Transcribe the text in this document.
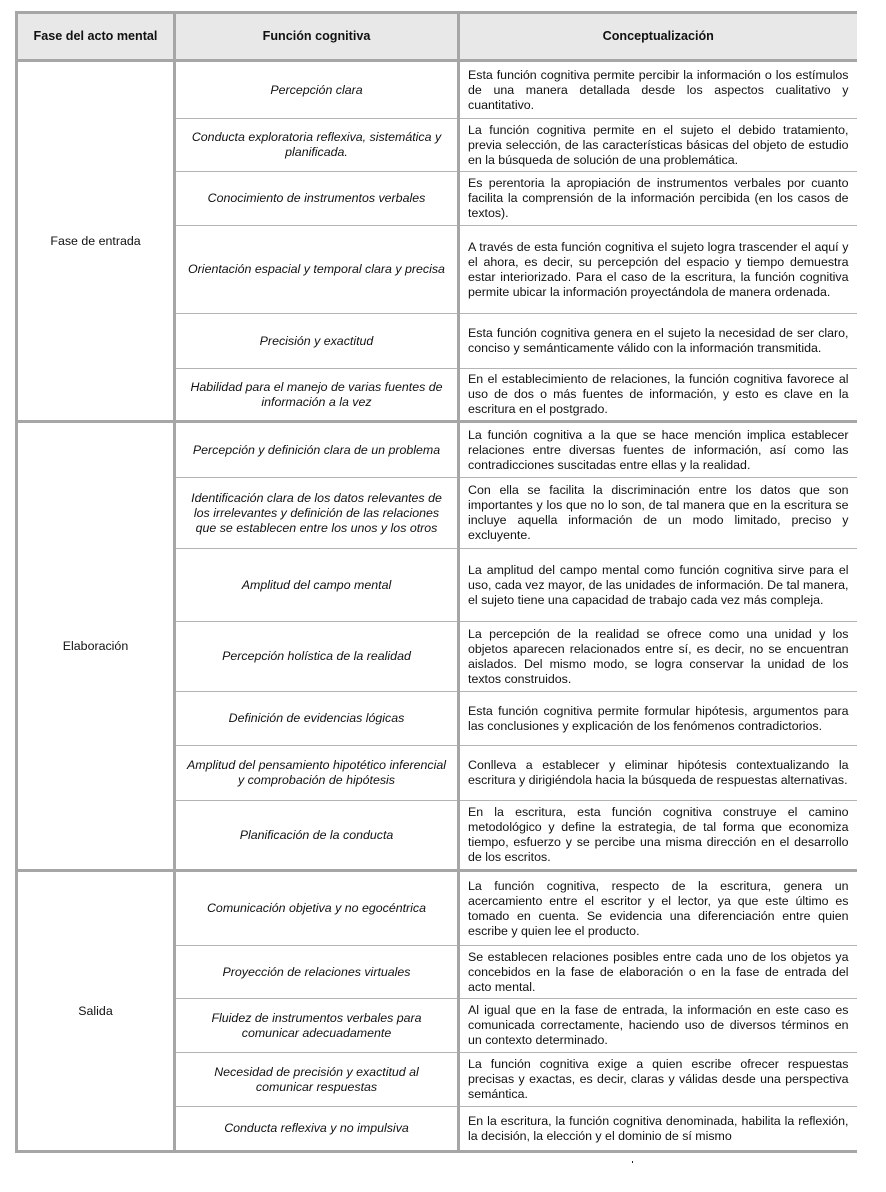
Fase del acto mental	Función cognitiva	Conceptualización
Fase de entrada	Percepción clara	Esta función cognitiva permite percibir la información o los estímulos de una manera detallada desde los aspectos cualitativo y cuantitativo.
	Conducta exploratoria reflexiva, sistemática y planificada.	La función cognitiva permite en el sujeto el debido tratamiento, previa selección, de las características básicas del objeto de estudio en la búsqueda de solución de una problemática.
	Conocimiento de instrumentos verbales	Es perentoria la apropiación de instrumentos verbales por cuanto facilita la comprensión de la información percibida (en los casos de textos).
	Orientación espacial y temporal clara y precisa	A través de esta función cognitiva el sujeto logra trascender el aquí y el ahora, es decir, su percepción del espacio y tiempo demuestra estar interiorizado. Para el caso de la escritura, la función cognitiva permite ubicar la información proyectándola de manera ordenada.
	Precisión y exactitud	Esta función cognitiva genera en el sujeto la necesidad de ser claro, conciso y semánticamente válido con la información transmitida.
	Habilidad para el manejo de varias fuentes de información a la vez	En el establecimiento de relaciones, la función cognitiva favorece al uso de dos o más fuentes de información, y esto es clave en la escritura en el postgrado.
Elaboración	Percepción y definición clara de un problema	La función cognitiva a la que se hace mención implica establecer relaciones entre diversas fuentes de información, así como las contradicciones suscitadas entre ellas y la realidad.
	Identificación clara de los datos relevantes de los irrelevantes y definición de las relaciones que se establecen entre los unos y los otros	Con ella se facilita la discriminación entre los datos que son importantes y los que no lo son, de tal manera que en la escritura se incluye aquella información de un modo limitado, preciso y excluyente.
	Amplitud del campo mental	La amplitud del campo mental como función cognitiva sirve para el uso, cada vez mayor, de las unidades de información. De tal manera, el sujeto tiene una capacidad de trabajo cada vez más compleja.
	Percepción holística de la realidad	La percepción de la realidad se ofrece como una unidad y los objetos aparecen relacionados entre sí, es decir, no se encuentran aislados. Del mismo modo, se logra conservar la unidad de los textos construidos.
	Definición de evidencias lógicas	Esta función cognitiva permite formular hipótesis, argumentos para las conclusiones y explicación de los fenómenos contradictorios.
	Amplitud del pensamiento hipotético inferencial y comprobación de hipótesis	Conlleva a establecer y eliminar hipótesis contextualizando la escritura y dirigiéndola hacia la búsqueda de respuestas alternativas.
	Planificación de la conducta	En la escritura, esta función cognitiva construye el camino metodológico y define la estrategia, de tal forma que economiza tiempo, esfuerzo y se percibe una misma dirección en el desarrollo de los escritos.
Salida	Comunicación objetiva y no egocéntrica	La función cognitiva, respecto de la escritura, genera un acercamiento entre el escritor y el lector, ya que este último es tomado en cuenta. Se evidencia una diferenciación entre quien escribe y quien lee el producto.
	Proyección de relaciones virtuales	Se establecen relaciones posibles entre cada uno de los objetos ya concebidos en la fase de elaboración o en la fase de entrada del acto mental.
	Fluidez de instrumentos verbales para comunicar adecuadamente	Al igual que en la fase de entrada, la información en este caso es comunicada correctamente, haciendo uso de diversos términos en un contexto determinado.
	Necesidad de precisión y exactitud al comunicar respuestas	La función cognitiva exige a quien escribe ofrecer respuestas precisas y exactas, es decir, claras y válidas desde una perspectiva semántica.
	Conducta reflexiva y no impulsiva	En la escritura, la función cognitiva denominada, habilita la reflexión, la decisión, la elección y el dominio de sí mismo
